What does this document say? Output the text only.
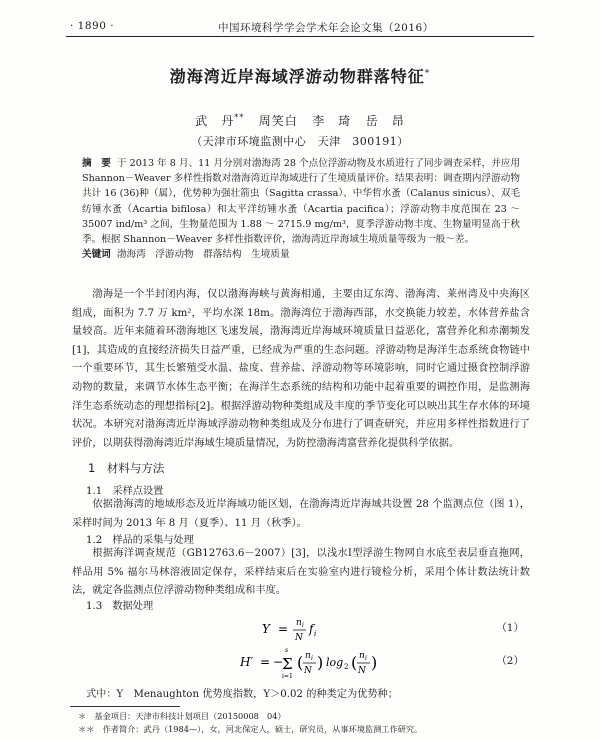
· 1890 ·	中国环境科学学会学术年会论文集（2016）
渤海湾近岸海域浮游动物群落特征*
武　丹** 周笑白 李　琦 岳　昂
（天津市环境监测中心　天津　300191）
摘　要 于 2013 年 8 月、11 月分别对渤海湾 28 个点位浮游动物及水质进行了同步调查采样，并应用 Shannon－Weaver 多样性指数对渤海湾近岸海域进行了生境质量评价。结果表明：调查期内浮游动物共计 16 (36)种（属），优势种为强壮箭虫（Sagitta crassa）、中华哲水蚤（Calanus sinicus）、双毛纺锤水蚤（Acartia bifilosa）和太平洋纺锤水蚤（Acartia pacifica）；浮游动物丰度范围在 23 ～ 35007 ind/m³ 之间，生物量范围为 1.88 ～ 2715.9 mg/m³，夏季浮游动物丰度、生物量明显高于秋季。根据 Shannon－Weaver 多样性指数评价，渤海湾近岸海域生境质量等级为一般～差。
关键词 渤海湾　浮游动物　群落结构　生境质量
渤海是一个半封闭内海，仅以渤海海峡与黄海相通，主要由辽东湾、渤海湾、莱州湾及中央海区组成，面积为 7.7 万 km²，平均水深 18m。渤海湾位于渤海西部，水交换能力较差，水体营养盐含量较高。近年来随着环渤海地区飞速发展，渤海湾近岸海域环境质量日益恶化，富营养化和赤潮频发[1]，其造成的直接经济损失日益严重，已经成为严重的生态问题。浮游动物是海洋生态系统食物链中一个重要环节，其生长繁殖受水温、盐度、营养盐、浮游动物等环境影响，同时它通过摄食控制浮游动物的数量，来调节水体生态平衡；在海洋生态系统的结构和功能中起着重要的调控作用，是监测海洋生态系统动态的理想指标[2]。根据浮游动物种类组成及丰度的季节变化可以映出其生存水体的环境状况。本研究对渤海湾近岸海域浮游动物种类组成及分布进行了调查研究，并应用多样性指数进行了评价，以期获得渤海湾近岸海域生境质量情况，为防控渤海湾富营养化提供科学依据。
1　材料与方法
1.1　采样点设置
依据渤海湾的地域形态及近岸海域功能区划，在渤海湾近岸海域共设置 28 个监测点位（图 1），采样时间为 2013 年 8 月（夏季）、11 月（秋季）。
1.2　样品的采集与处理
根据海洋调查规范（GB12763.6－2007）[3]，以浅水Ⅰ型浮游生物网自水底至表层垂直拖网，样品用 5% 福尔马林溶液固定保存，采样结束后在实验室内进行镜检分析，采用个体计数法统计数法，就定各监测点位浮游动物种类组成和丰度。
1.3　数据处理
Y = n i
N
f i	（1）
H′ = −
s
Σ
i=1
( n i
N ) log 2 ( n i
N )	（2）
式中：Y　Menaughton 优势度指数，Y＞0.02 的种类定为优势种；
＊　基金项目：天津市科技计划项目（20150008　04）
＊＊　作者简介：武丹（1984—），女，河北保定人，硕士，研究员，从事环境监测工作研究。
